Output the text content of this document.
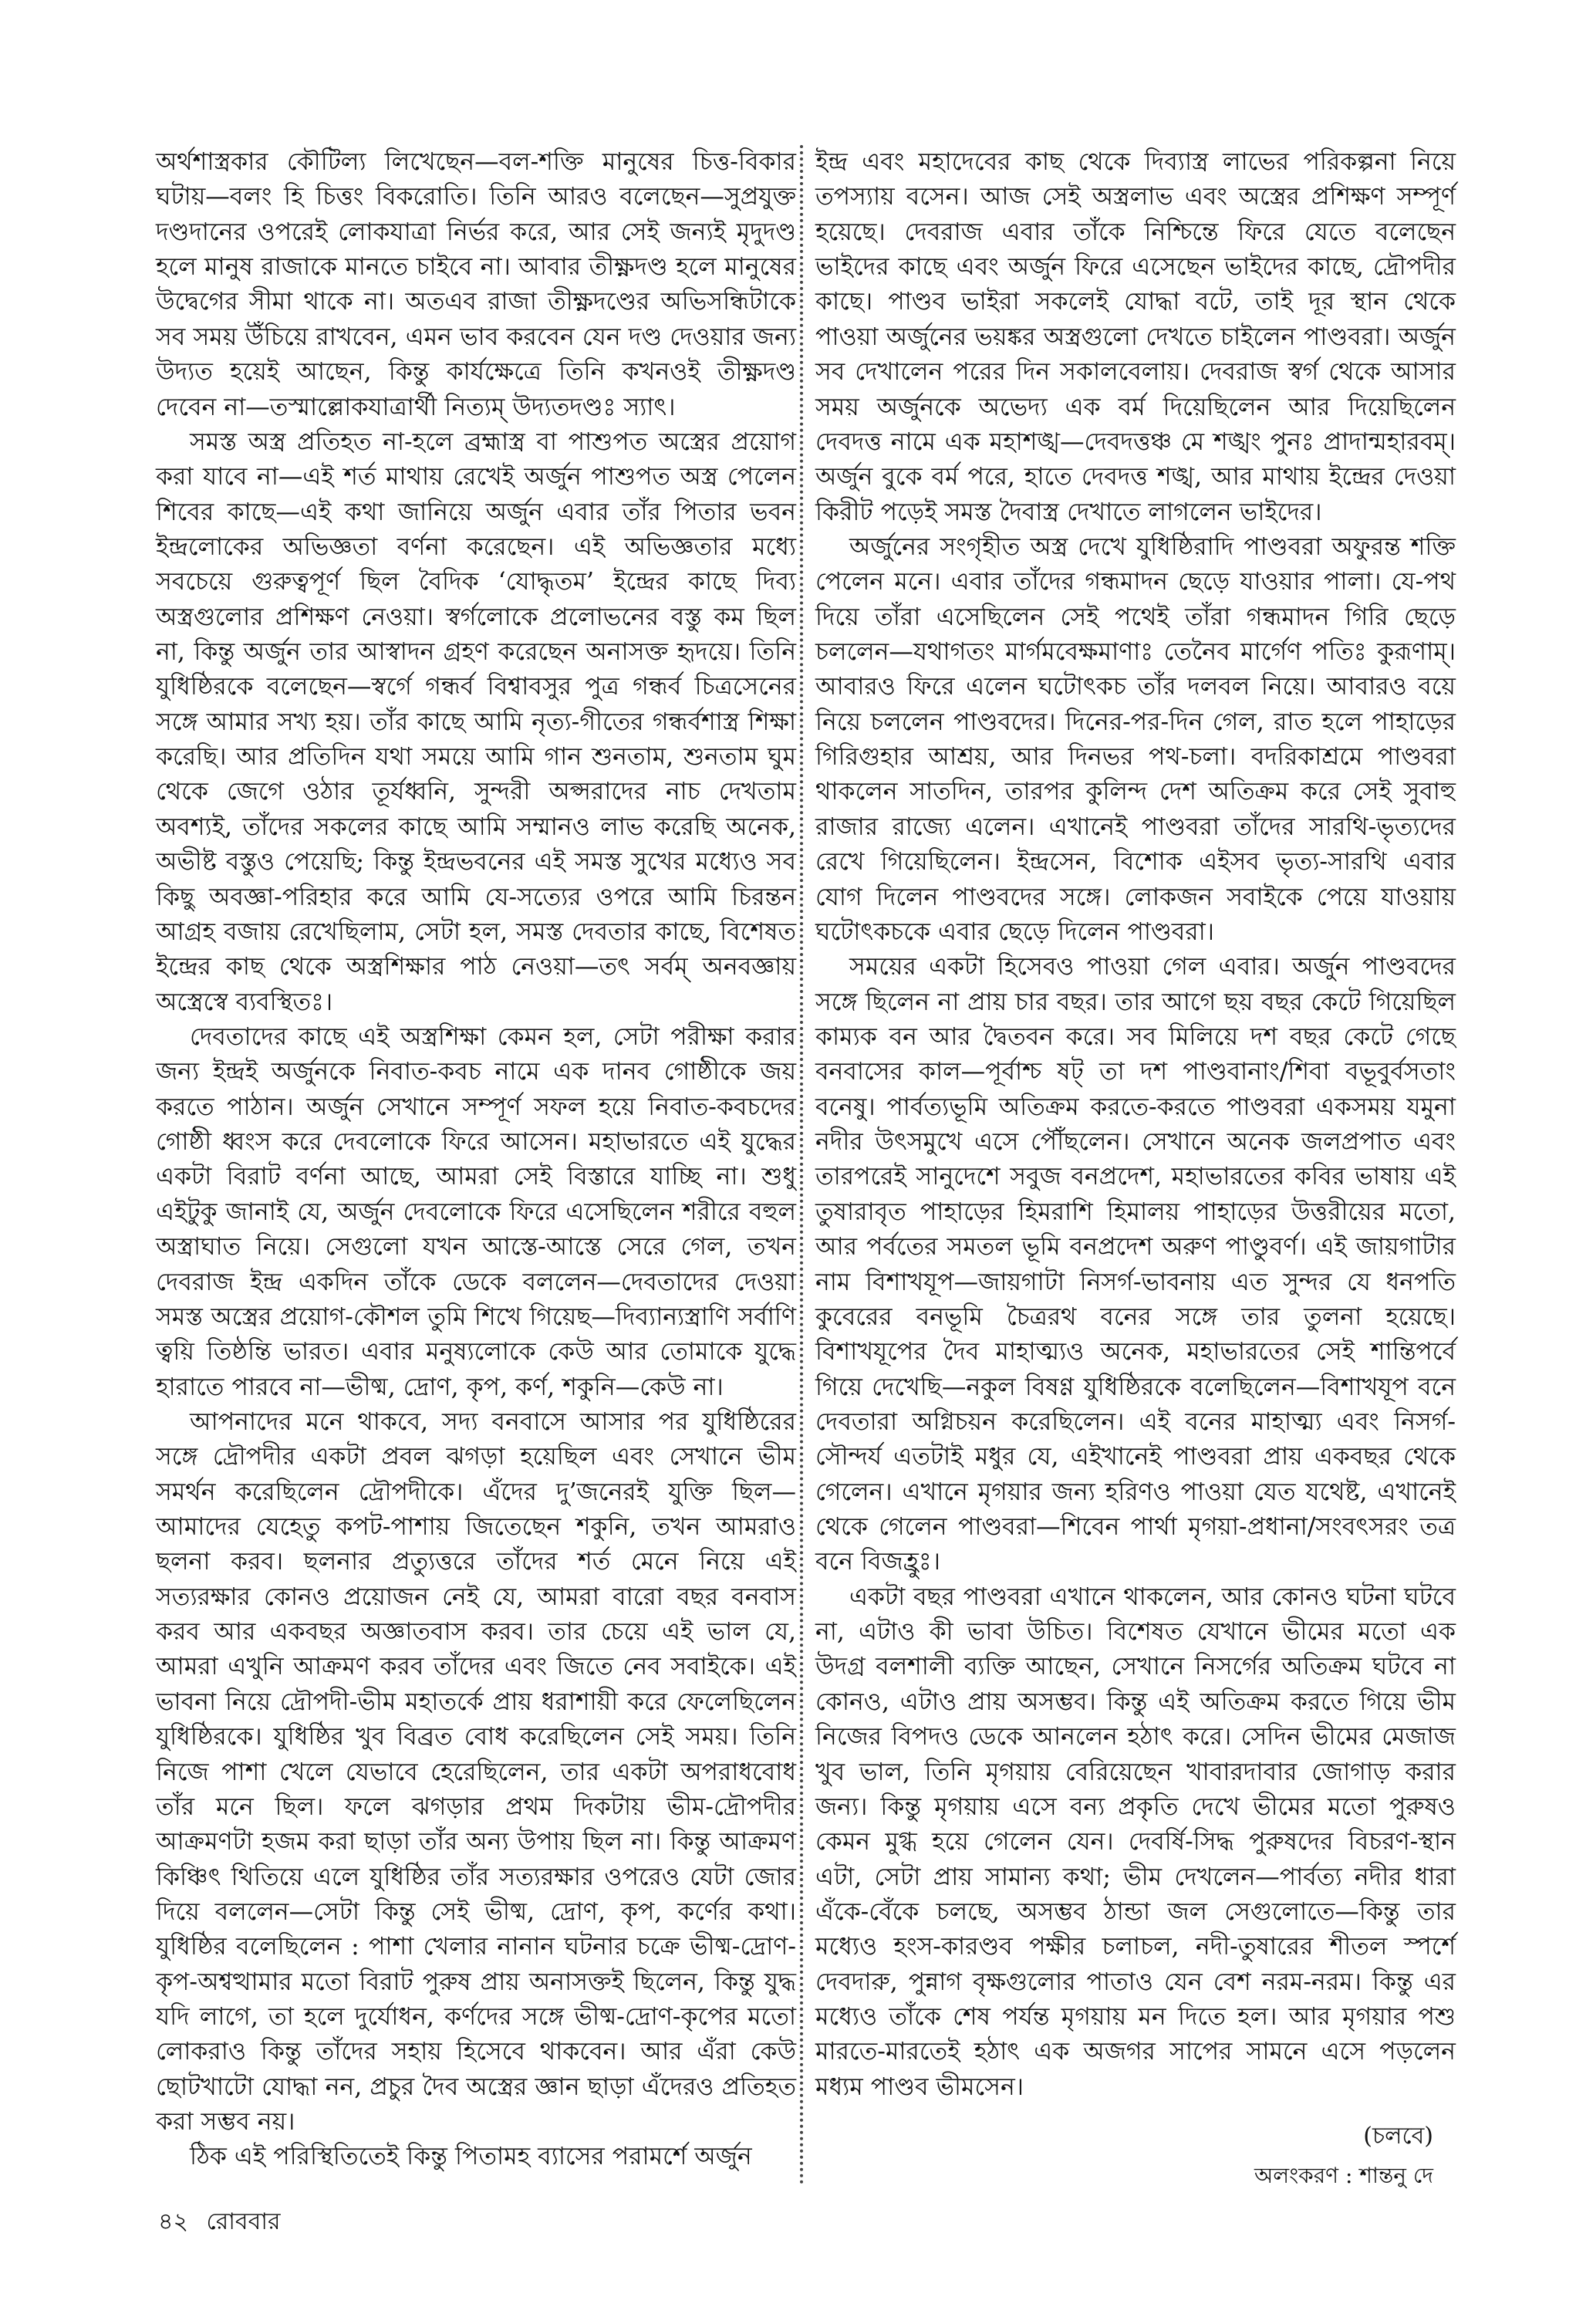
অর্থশাস্ত্রকার কৌটিল্য লিখেছেন—বল-শক্তি মানুষের চিত্ত-বিকার ঘটায়—বলং হি চিত্তং বিকরোতি। তিনি আরও বলেছেন—সুপ্রযুক্ত দণ্ডদানের ওপরেই লোকযাত্রা নির্ভর করে, আর সেই জন্যই মৃদুদণ্ড হলে মানুষ রাজাকে মানতে চাইবে না। আবার তীক্ষ্ণদণ্ড হলে মানুষের উদ্বেগের সীমা থাকে না। অতএব রাজা তীক্ষ্ণদণ্ডের অভিসন্ধিটাকে সব সময় উঁচিয়ে রাখবেন, এমন ভাব করবেন যেন দণ্ড দেওয়ার জন্য উদ্যত হয়েই আছেন, কিন্তু কার্যক্ষেত্রে তিনি কখনওই তীক্ষ্ণদণ্ড দেবেন না—তস্মাল্লোকযাত্রার্থী নিত্যম্ উদ্যতদণ্ডঃ স্যাৎ।

সমস্ত অস্ত্র প্রতিহত না-হলে ব্রহ্মাস্ত্র বা পাশুপত অস্ত্রের প্রয়োগ করা যাবে না—এই শর্ত মাথায় রেখেই অর্জুন পাশুপত অস্ত্র পেলেন শিবের কাছে—এই কথা জানিয়ে অর্জুন এবার তাঁর পিতার ভবন ইন্দ্রলোকের অভিজ্ঞতা বর্ণনা করেছেন। এই অভিজ্ঞতার মধ্যে সবচেয়ে গুরুত্বপূর্ণ ছিল বৈদিক ‘যোদ্ধৃতম’ ইন্দ্রের কাছে দিব্য অস্ত্রগুলোর প্রশিক্ষণ নেওয়া। স্বর্গলোকে প্রলোভনের বস্তু কম ছিল না, কিন্তু অর্জুন তার আস্বাদন গ্রহণ করেছেন অনাসক্ত হৃদয়ে। তিনি যুধিষ্ঠিরকে বলেছেন—স্বর্গে গন্ধর্ব বিশ্বাবসুর পুত্র গন্ধর্ব চিত্রসেনের সঙ্গে আমার সখ্য হয়। তাঁর কাছে আমি নৃত্য-গীতের গন্ধর্বশাস্ত্র শিক্ষা করেছি। আর প্রতিদিন যথা সময়ে আমি গান শুনতাম, শুনতাম ঘুম থেকে জেগে ওঠার তূর্যধ্বনি, সুন্দরী অপ্সরাদের নাচ দেখতাম অবশ্যই, তাঁদের সকলের কাছে আমি সম্মানও লাভ করেছি অনেক, অভীষ্ট বস্তুও পেয়েছি; কিন্তু ইন্দ্রভবনের এই সমস্ত সুখের মধ্যেও সব কিছু অবজ্ঞা-পরিহার করে আমি যে-সত্যের ওপরে আমি চিরন্তন আগ্রহ বজায় রেখেছিলাম, সেটা হল, সমস্ত দেবতার কাছে, বিশেষত ইন্দ্রের কাছ থেকে অস্ত্রশিক্ষার পাঠ নেওয়া—তৎ সর্বম্ অনবজ্ঞায় অস্ত্রেস্বে ব্যবস্থিতঃ।

দেবতাদের কাছে এই অস্ত্রশিক্ষা কেমন হল, সেটা পরীক্ষা করার জন্য ইন্দ্রই অর্জুনকে নিবাত-কবচ নামে এক দানব গোষ্ঠীকে জয় করতে পাঠান। অর্জুন সেখানে সম্পূর্ণ সফল হয়ে নিবাত-কবচদের গোষ্ঠী ধ্বংস করে দেবলোকে ফিরে আসেন। মহাভারতে এই যুদ্ধের একটা বিরাট বর্ণনা আছে, আমরা সেই বিস্তারে যাচ্ছি না। শুধু এইটুকু জানাই যে, অর্জুন দেবলোকে ফিরে এসেছিলেন শরীরে বহুল অস্ত্রাঘাত নিয়ে। সেগুলো যখন আস্তে-আস্তে সেরে গেল, তখন দেবরাজ ইন্দ্র একদিন তাঁকে ডেকে বললেন—দেবতাদের দেওয়া সমস্ত অস্ত্রের প্রয়োগ-কৌশল তুমি শিখে গিয়েছ—দিব্যান্যস্ত্রাণি সর্বাণি ত্বয়ি তিষ্ঠন্তি ভারত। এবার মনুষ্যলোকে কেউ আর তোমাকে যুদ্ধে হারাতে পারবে না—ভীষ্ম, দ্রোণ, কৃপ, কর্ণ, শকুনি—কেউ না।

আপনাদের মনে থাকবে, সদ্য বনবাসে আসার পর যুধিষ্ঠিরের সঙ্গে দ্রৌপদীর একটা প্রবল ঝগড়া হয়েছিল এবং সেখানে ভীম সমর্থন করেছিলেন দ্রৌপদীকে। এঁদের দু’জনেরই যুক্তি ছিল—আমাদের যেহেতু কপট-পাশায় জিতেছেন শকুনি, তখন আমরাও ছলনা করব। ছলনার প্রত্যুত্তরে তাঁদের শর্ত মেনে নিয়ে এই সত্যরক্ষার কোনও প্রয়োজন নেই যে, আমরা বারো বছর বনবাস করব আর একবছর অজ্ঞাতবাস করব। তার চেয়ে এই ভাল যে, আমরা এখুনি আক্রমণ করব তাঁদের এবং জিতে নেব সবাইকে। এই ভাবনা নিয়ে দ্রৌপদী-ভীম মহাতর্কে প্রায় ধরাশায়ী করে ফেলেছিলেন যুধিষ্ঠিরকে। যুধিষ্ঠির খুব বিব্রত বোধ করেছিলেন সেই সময়। তিনি নিজে পাশা খেলে যেভাবে হেরেছিলেন, তার একটা অপরাধবোধ তাঁর মনে ছিল। ফলে ঝগড়ার প্রথম দিকটায় ভীম-দ্রৌপদীর আক্রমণটা হজম করা ছাড়া তাঁর অন্য উপায় ছিল না। কিন্তু আক্রমণ কিঞ্চিৎ থিতিয়ে এলে যুধিষ্ঠির তাঁর সত্যরক্ষার ওপরেও যেটা জোর দিয়ে বললেন—সেটা কিন্তু সেই ভীষ্ম, দ্রোণ, কৃপ, কর্ণের কথা। যুধিষ্ঠির বলেছিলেন : পাশা খেলার নানান ঘটনার চক্রে ভীষ্ম-দ্রোণ-কৃপ-অশ্বত্থামার মতো বিরাট পুরুষ প্রায় অনাসক্তই ছিলেন, কিন্তু যুদ্ধ যদি লাগে, তা হলে দুর্যোধন, কর্ণদের সঙ্গে ভীষ্ম-দ্রোণ-কৃপের মতো লোকরাও কিন্তু তাঁদের সহায় হিসেবে থাকবেন। আর এঁরা কেউ ছোটখাটো যোদ্ধা নন, প্রচুর দৈব অস্ত্রের জ্ঞান ছাড়া এঁদেরও প্রতিহত করা সম্ভব নয়।

ঠিক এই পরিস্থিতিতেই কিন্তু পিতামহ ব্যাসের পরামর্শে অর্জুন

ইন্দ্র এবং মহাদেবের কাছ থেকে দিব্যাস্ত্র লাভের পরিকল্পনা নিয়ে তপস্যায় বসেন। আজ সেই অস্ত্রলাভ এবং অস্ত্রের প্রশিক্ষণ সম্পূর্ণ হয়েছে। দেবরাজ এবার তাঁকে নিশ্চিন্তে ফিরে যেতে বলেছেন ভাইদের কাছে এবং অর্জুন ফিরে এসেছেন ভাইদের কাছে, দ্রৌপদীর কাছে। পাণ্ডব ভাইরা সকলেই যোদ্ধা বটে, তাই দূর স্থান থেকে পাওয়া অর্জুনের ভয়ঙ্কর অস্ত্রগুলো দেখতে চাইলেন পাণ্ডবরা। অর্জুন সব দেখালেন পরের দিন সকালবেলায়। দেবরাজ স্বর্গ থেকে আসার সময় অর্জুনকে অভেদ্য এক বর্ম দিয়েছিলেন আর দিয়েছিলেন দেবদত্ত নামে এক মহাশঙ্খ—দেবদত্তঞ্চ মে শঙ্খং পুনঃ প্রাদান্মহারবম্। অর্জুন বুকে বর্ম পরে, হাতে দেবদত্ত শঙ্খ, আর মাথায় ইন্দ্রের দেওয়া কিরীট পড়েই সমস্ত দৈবাস্ত্র দেখাতে লাগলেন ভাইদের।

অর্জুনের সংগৃহীত অস্ত্র দেখে যুধিষ্ঠিরাদি পাণ্ডবরা অফুরন্ত শক্তি পেলেন মনে। এবার তাঁদের গন্ধমাদন ছেড়ে যাওয়ার পালা। যে-পথ দিয়ে তাঁরা এসেছিলেন সেই পথেই তাঁরা গন্ধমাদন গিরি ছেড়ে চললেন—যথাগতং মার্গমবেক্ষমাণাঃ তেনৈব মার্গেণ পতিঃ কুরূণাম্। আবারও ফিরে এলেন ঘটোৎকচ তাঁর দলবল নিয়ে। আবারও বয়ে নিয়ে চললেন পাণ্ডবদের। দিনের-পর-দিন গেল, রাত হলে পাহাড়ের গিরিগুহার আশ্রয়, আর দিনভর পথ-চলা। বদরিকাশ্রমে পাণ্ডবরা থাকলেন সাতদিন, তারপর কুলিন্দ দেশ অতিক্রম করে সেই সুবাহু রাজার রাজ্যে এলেন। এখানেই পাণ্ডবরা তাঁদের সারথি-ভৃত্যদের রেখে গিয়েছিলেন। ইন্দ্রসেন, বিশোক এইসব ভৃত্য-সারথি এবার যোগ দিলেন পাণ্ডবদের সঙ্গে। লোকজন সবাইকে পেয়ে যাওয়ায় ঘটোৎকচকে এবার ছেড়ে দিলেন পাণ্ডবরা।

সময়ের একটা হিসেবও পাওয়া গেল এবার। অর্জুন পাণ্ডবদের সঙ্গে ছিলেন না প্রায় চার বছর। তার আগে ছয় বছর কেটে গিয়েছিল কাম্যক বন আর দ্বৈতবন করে। সব মিলিয়ে দশ বছর কেটে গেছে বনবাসের কাল—পূর্বাশ্চ ষট্ তা দশ পাণ্ডবানাং/শিবা বভূবুর্বসতাং বনেষু। পার্বত্যভূমি অতিক্রম করতে-করতে পাণ্ডবরা একসময় যমুনা নদীর উৎসমুখে এসে পৌঁছলেন। সেখানে অনেক জলপ্রপাত এবং তারপরেই সানুদেশে সবুজ বনপ্রদেশ, মহাভারতের কবির ভাষায় এই তুষারাবৃত পাহাড়ের হিমরাশি হিমালয় পাহাড়ের উত্তরীয়ের মতো, আর পর্বতের সমতল ভূমি বনপ্রদেশ অরুণ পাণ্ডুবর্ণ। এই জায়গাটার নাম বিশাখযূপ—জায়গাটা নিসর্গ-ভাবনায় এত সুন্দর যে ধনপতি কুবেরের বনভূমি চৈত্ররথ বনের সঙ্গে তার তুলনা হয়েছে। বিশাখযূপের দৈব মাহাত্ম্যও অনেক, মহাভারতের সেই শান্তিপর্বে গিয়ে দেখেছি—নকুল বিষণ্ণ যুধিষ্ঠিরকে বলেছিলেন—বিশাখযূপ বনে দেবতারা অগ্নিচয়ন করেছিলেন। এই বনের মাহাত্ম্য এবং নিসর্গ-সৌন্দর্য এতটাই মধুর যে, এইখানেই পাণ্ডবরা প্রায় একবছর থেকে গেলেন। এখানে মৃগয়ার জন্য হরিণও পাওয়া যেত যথেষ্ট, এখানেই থেকে গেলেন পাণ্ডবরা—শিবেন পার্থা মৃগয়া-প্রধানা/সংবৎসরং তত্র বনে বিজহ্রুঃ।

একটা বছর পাণ্ডবরা এখানে থাকলেন, আর কোনও ঘটনা ঘটবে না, এটাও কী ভাবা উচিত। বিশেষত যেখানে ভীমের মতো এক উদগ্র বলশালী ব্যক্তি আছেন, সেখানে নিসর্গের অতিক্রম ঘটবে না কোনও, এটাও প্রায় অসম্ভব। কিন্তু এই অতিক্রম করতে গিয়ে ভীম নিজের বিপদও ডেকে আনলেন হঠাৎ করে। সেদিন ভীমের মেজাজ খুব ভাল, তিনি মৃগয়ায় বেরিয়েছেন খাবারদাবার জোগাড় করার জন্য। কিন্তু মৃগয়ায় এসে বন্য প্রকৃতি দেখে ভীমের মতো পুরুষও কেমন মুগ্ধ হয়ে গেলেন যেন। দেবর্ষি-সিদ্ধ পুরুষদের বিচরণ-স্থান এটা, সেটা প্রায় সামান্য কথা; ভীম দেখলেন—পার্বত্য নদীর ধারা এঁকে-বেঁকে চলছে, অসম্ভব ঠান্ডা জল সেগুলোতে—কিন্তু তার মধ্যেও হংস-কারণ্ডব পক্ষীর চলাচল, নদী-তুষারের শীতল স্পর্শে দেবদারু, পুন্নাগ বৃক্ষগুলোর পাতাও যেন বেশ নরম-নরম। কিন্তু এর মধ্যেও তাঁকে শেষ পর্যন্ত মৃগয়ায় মন দিতে হল। আর মৃগয়ার পশু মারতে-মারতেই হঠাৎ এক অজগর সাপের সামনে এসে পড়লেন মধ্যম পাণ্ডব ভীমসেন।

(চলবে)
অলংকরণ : শান্তনু দে
৪২ রোববার
